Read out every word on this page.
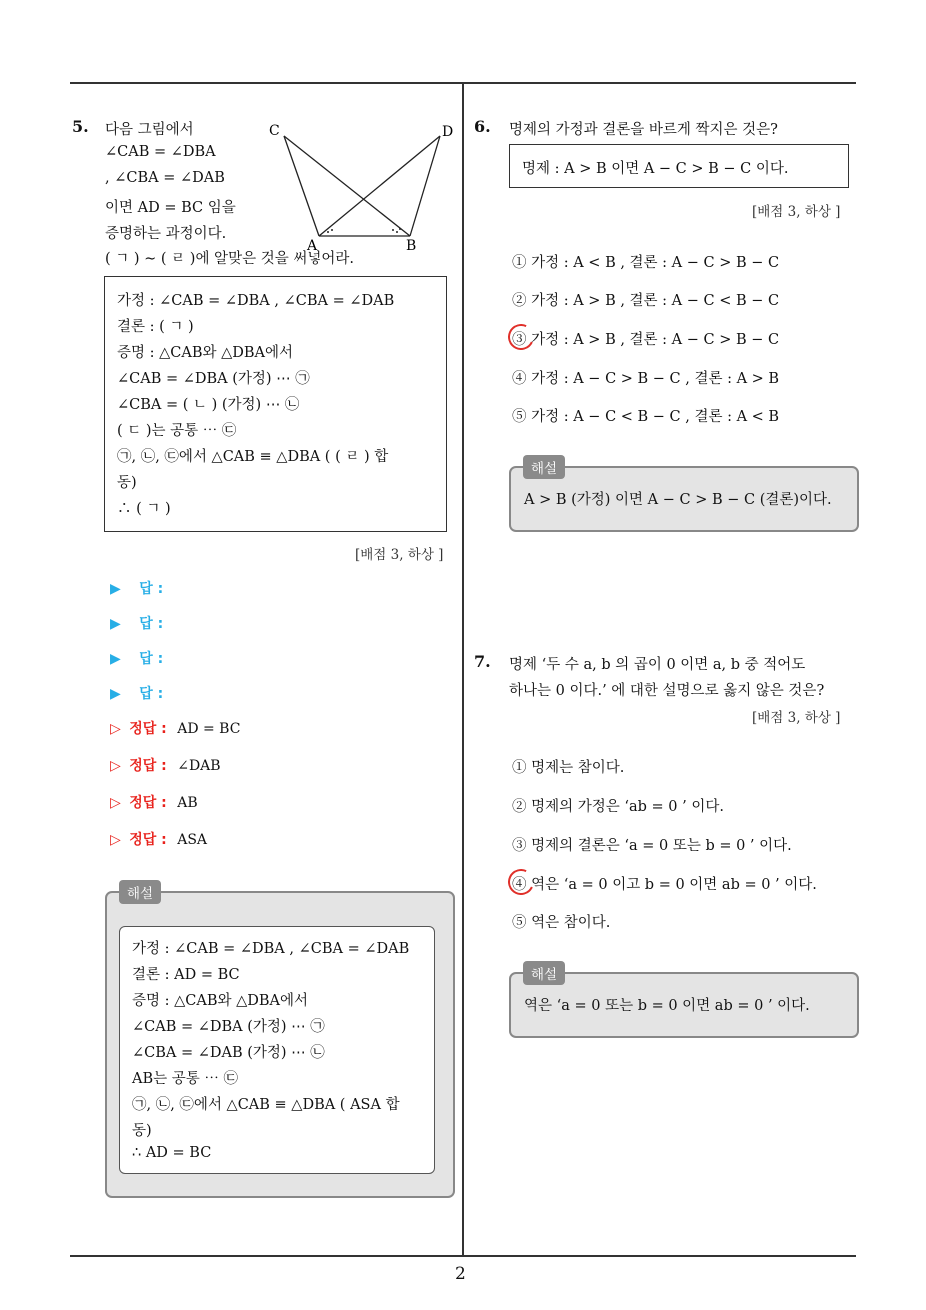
2
5. 다음 그림에서
∠CAB = ∠DBA
, ∠CBA = ∠DAB
이면 AD = BC 임을
증명하는 과정이다.
( ㄱ ) ∼ ( ㄹ )에 알맞은 것을 써넣어라.
C	D
A	B
가정 : ∠CAB = ∠DBA , ∠CBA = ∠DAB
결론 : ( ㄱ )
증명 : △CAB와 △DBA에서
∠CAB = ∠DBA (가정) ⋯ ㉠
∠CBA = ( ㄴ ) (가정) ⋯ ㉡
( ㄷ )는 공통 ⋯ ㉢
㉠, ㉡, ㉢에서 △CAB ≡ △DBA ( ( ㄹ ) 합
동)
∴ ( ㄱ )
[배점 3, 하상 ]
▶ 답 :
▶ 답 :
▶ 답 :
▶ 답 :
▷ 정답 : AD = BC
▷ 정답 : ∠DAB
▷ 정답 : AB
▷ 정답 : ASA
가정 : ∠CAB = ∠DBA , ∠CBA = ∠DAB
결론 : AD = BC
증명 : △CAB와 △DBA에서
∠CAB = ∠DBA (가정) ⋯ ㉠
∠CBA = ∠DAB (가정) ⋯ ㉡
AB는 공통 ⋯ ㉢
㉠, ㉡, ㉢에서 △CAB ≡ △DBA ( ASA 합
동)
∴ AD = BC
해설
6. 명제의 가정과 결론을 바르게 짝지은 것은?
명제 : A > B 이면 A − C > B − C 이다.
[배점 3, 하상 ]
① 가정 : A < B , 결론 : A − C > B − C
② 가정 : A > B , 결론 : A − C < B − C
③ 가정 : A > B , 결론 : A − C > B − C
④ 가정 : A − C > B − C , 결론 : A > B
⑤ 가정 : A − C < B − C , 결론 : A < B
A > B (가정) 이면 A − C > B − C (결론)이다.
해설
7. 명제 ‘두 수 a, b 의 곱이 0 이면 a, b 중 적어도
하나는 0 이다.’ 에 대한 설명으로 옳지 않은 것은?
[배점 3, 하상 ]
① 명제는 참이다.
② 명제의 가정은 ‘ab = 0 ’ 이다.
③ 명제의 결론은 ‘a = 0 또는 b = 0 ’ 이다.
④ 역은 ‘a = 0 이고 b = 0 이면 ab = 0 ’ 이다.
⑤ 역은 참이다.
역은 ‘a = 0 또는 b = 0 이면 ab = 0 ’ 이다.
해설
